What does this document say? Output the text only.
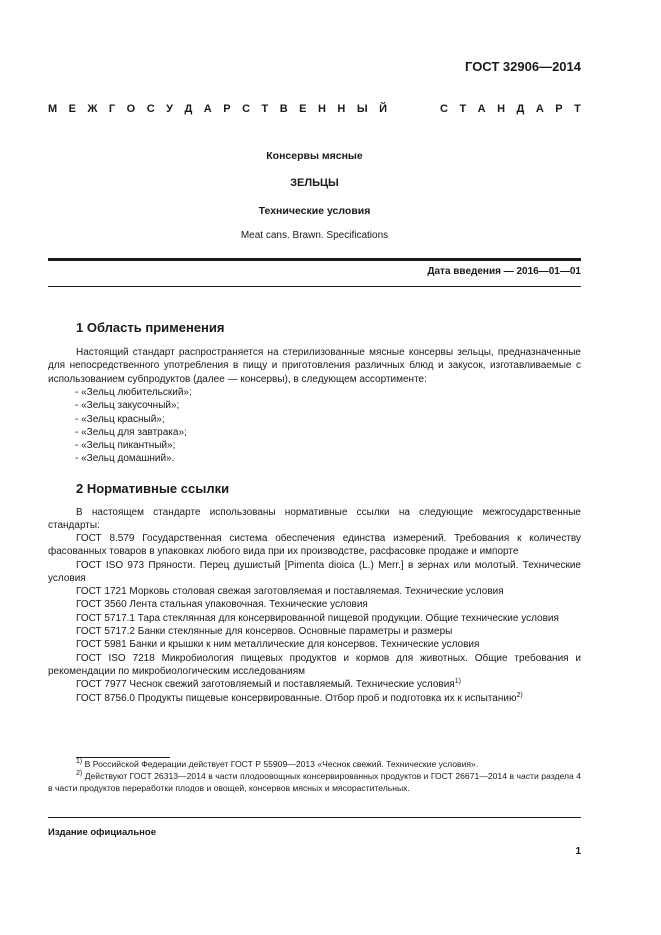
ГОСТ 32906—2014
М Е Ж Г О С У Д А Р С Т В Е Н Н Ы Й	С Т А Н Д А Р Т
Консервы мясные
ЗЕЛЬЦЫ
Технические условия
Meat cans. Brawn. Specifications
Дата введения — 2016—01—01
1 Область применения
Настоящий стандарт распространяется на стерилизованные мясные консервы зельцы, предназначенные для непосредственного употребления в пищу и приготовления различных блюд и закусок, изготавливаемые с использованием субпродуктов (далее — консервы), в следующем ассортименте:
- «Зельц любительский»;
- «Зельц закусочный»;
- «Зельц красный»;
- «Зельц для завтрака»;
- «Зельц пикантный»;
- «Зельц домашний».
2 Нормативные ссылки
В настоящем стандарте использованы нормативные ссылки на следующие межгосударственные стандарты:
ГОСТ 8.579 Государственная система обеспечения единства измерений. Требования к количеству фасованных товаров в упаковках любого вида при их производстве, расфасовке продаже и импорте
ГОСТ ISO 973 Пряности. Перец душистый [Pimenta dioica (L.) Merr.] в зернах или молотый. Технические условия
ГОСТ 1721 Морковь столовая свежая заготовляемая и поставляемая. Технические условия
ГОСТ 3560 Лента стальная упаковочная. Технические условия
ГОСТ 5717.1 Тара стеклянная для консервированной пищевой продукции. Общие технические условия
ГОСТ 5717.2 Банки стеклянные для консервов. Основные параметры и размеры
ГОСТ 5981 Банки и крышки к ним металлические для консервов. Технические условия
ГОСТ ISO 7218 Микробиология пищевых продуктов и кормов для животных. Общие требования и рекомендации по микробиологическим исследованиям
ГОСТ 7977 Чеснок свежий заготовляемый и поставляемый. Технические условия$^{1)}$
ГОСТ 8756.0 Продукты пищевые консервированные. Отбор проб и подготовка их к испытанию$^{2)}$
$^{1)}$ В Российской Федерации действует ГОСТ Р 55909—2013 «Чеснок свежий. Технические условия».
$^{2)}$ Действуют ГОСТ 26313—2014 в части плодоовощных консервированных продуктов и ГОСТ 26671—2014 в части раздела 4 в части продуктов переработки плодов и овощей, консервов мясных и мясорастительных.
Издание официальное
1
